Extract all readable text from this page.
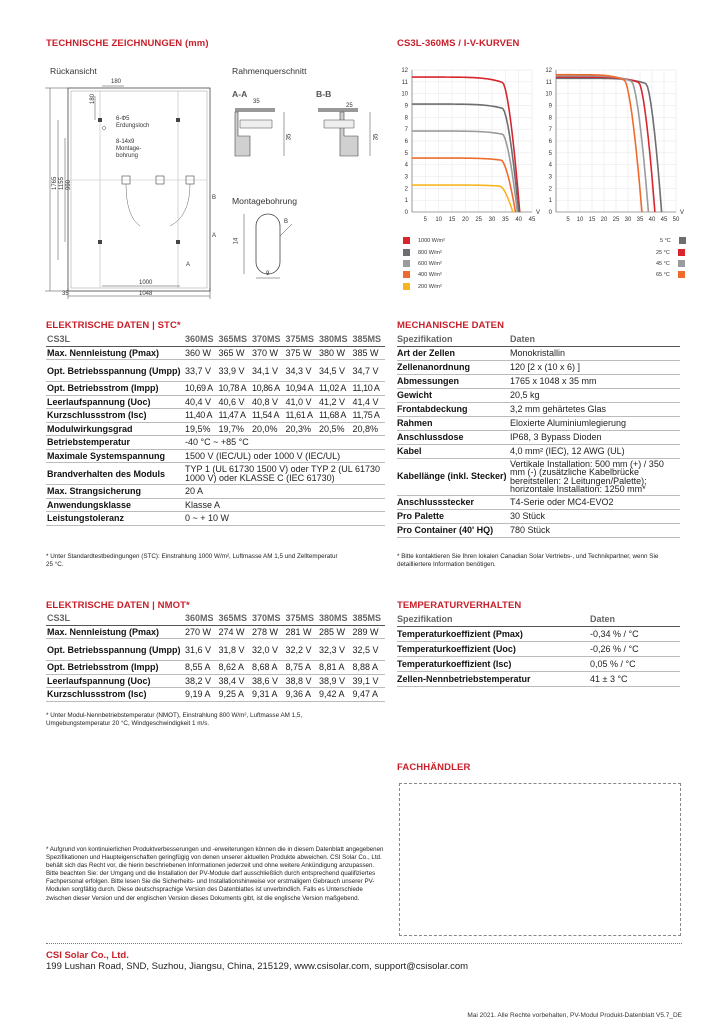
TECHNISCHE ZEICHNUNGEN (mm)	CS3L-360MS / I-V-KURVEN
Rückansicht	Rahmenquerschnitt
A-A	B-B
Montagebohrung
180
180
6-Φ5
Erdungsloch
8-14x9
Montage-
bohrung
1765 1155 990
1000
1048
35
35
35
25
35
14
9
A
B
B
A
0
1
2
3
4
5
6
7
8
9
10
11
12
5 10 15 20 25 30 35 40 45
V 0
1
2
3
4
5
6
7
8
9
10
11
12
5 10 15 20 25 30 35 40 45 50
V
1000 W/m²
800 W/m²
600 W/m²
400 W/m²
200 W/m²
5 °C
25 °C
45 °C
65 °C
ELEKTRISCHE DATEN | STC*
CS3L	360MS	365MS	370MS	375MS	380MS	385MS
Max. Nennleistung (Pmax)	360 W	365 W	370 W	375 W	380 W	385 W
Opt. Betriebsspannung (Umpp)	33,7 V	33,9 V	34,1 V	34,3 V	34,5 V	34,7 V
Opt. Betriebsstrom (Impp)	10,69 A	10,78 A	10,86 A	10,94 A	11,02 A	11,10 A
Leerlaufspannung (Uoc)	40,4 V	40,6 V	40,8 V	41,0 V	41,2 V	41,4 V
Kurzschlussstrom (Isc)	11,40 A	11,47 A	11,54 A	11,61 A	11,68 A	11,75 A
Modulwirkungsgrad	19,5%	19,7%	20,0%	20,3%	20,5%	20,8%
Betriebstemperatur	-40 °C ~ +85 °C					
Maximale Systemspannung	1500 V (IEC/UL) oder 1000 V (IEC/UL)					
Brandverhalten des Moduls	TYP 1 (UL 61730 1500 V) oder TYP 2 (UL 61730 1000 V) oder KLASSE C (IEC 61730)					
Max. Strangsicherung	20 A					
Anwendungsklasse	Klasse A					
Leistungstoleranz	0 ~ + 10 W					
* Unter Standardtestbedingungen (STC): Einstrahlung 1000 W/m², Luftmasse AM 1,5 und Zelltemperatur 25 °C.
MECHANISCHE DATEN
Spezifikation	Daten
Art der Zellen	Monokristallin
Zellenanordnung	120 [2 x (10 x 6) ]
Abmessungen	1765 x 1048 x 35 mm
Gewicht	20,5 kg
Frontabdeckung	3,2 mm gehärtetes Glas
Rahmen	Eloxierte Aluminiumlegierung
Anschlussdose	IP68, 3 Bypass Dioden
Kabel	4,0 mm² (IEC), 12 AWG (UL)
Kabellänge (inkl. Stecker)	Vertikale Installation: 500 mm (+) / 350 mm (-) (zusätzliche Kabelbrücke bereitstellen: 2 Leitungen/Palette); horizontale Installation: 1250 mm*
Anschlussstecker	T4-Serie oder MC4-EVO2
Pro Palette	30 Stück
Pro Container (40' HQ)	780 Stück
* Bitte kontaktieren Sie Ihren lokalen Canadian Solar Vertriebs-, und Technikpartner, wenn Sie detailliertere Information benötigen.
ELEKTRISCHE DATEN | NMOT*
CS3L	360MS	365MS	370MS	375MS	380MS	385MS
Max. Nennleistung (Pmax)	270 W	274 W	278 W	281 W	285 W	289 W
Opt. Betriebsspannung (Umpp)	31,6 V	31,8 V	32,0 V	32,2 V	32,3 V	32,5 V
Opt. Betriebsstrom (Impp)	8,55 A	8,62 A	8,68 A	8,75 A	8,81 A	8,88 A
Leerlaufspannung (Uoc)	38,2 V	38,4 V	38,6 V	38,8 V	38,9 V	39,1 V
Kurzschlussstrom (Isc)	9,19 A	9,25 A	9,31 A	9,36 A	9,42 A	9,47 A
* Unter Modul-Nennbetriebstemperatur (NMOT), Einstrahlung 800 W/m², Luftmasse AM 1,5, Umgebungstemperatur 20 °C, Windgeschwindigkeit 1 m/s.
TEMPERATURVERHALTEN
Spezifikation	Daten
Temperaturkoeffizient (Pmax)	-0,34 % / °C
Temperaturkoeffizient (Uoc)	-0,26 % / °C
Temperaturkoeffizient (Isc)	0,05 % / °C
Zellen-Nennbetriebstemperatur	41 ± 3 °C
FACHHÄNDLER
* Aufgrund von kontinuierlichen Produktverbesserungen und -erweiterungen können die in diesem Datenblatt angegebenen Spezifikationen und Haupteigenschaften geringfügig von denen unserer aktuellen Produkte abweichen. CSI Solar Co., Ltd. behält sich das Recht vor, die hierin beschriebenen Informationen jederzeit und ohne weitere Ankündigung anzupassen. Bitte beachten Sie: der Umgang und die Installation der PV-Module darf ausschließlich durch entsprechend qualifiziertes Fachpersonal erfolgen. Bitte lesen Sie die Sicherheits- und Installationshinweise vor erstmaligem Gebrauch unserer PV-Modulen sorgfältig durch. Diese deutschsprachige Version des Datenblattes ist unverbindlich. Falls es Unterschiede zwischen dieser Version und der englischen Version dieses Dokuments gibt, ist die englische Version maßgebend.
CSI Solar Co., Ltd.
199 Lushan Road, SND, Suzhou, Jiangsu, China, 215129, www.csisolar.com, support@csisolar.com
Mai 2021. Alle Rechte vorbehalten, PV-Modul Produkt-Datenblatt V5.7_DE
